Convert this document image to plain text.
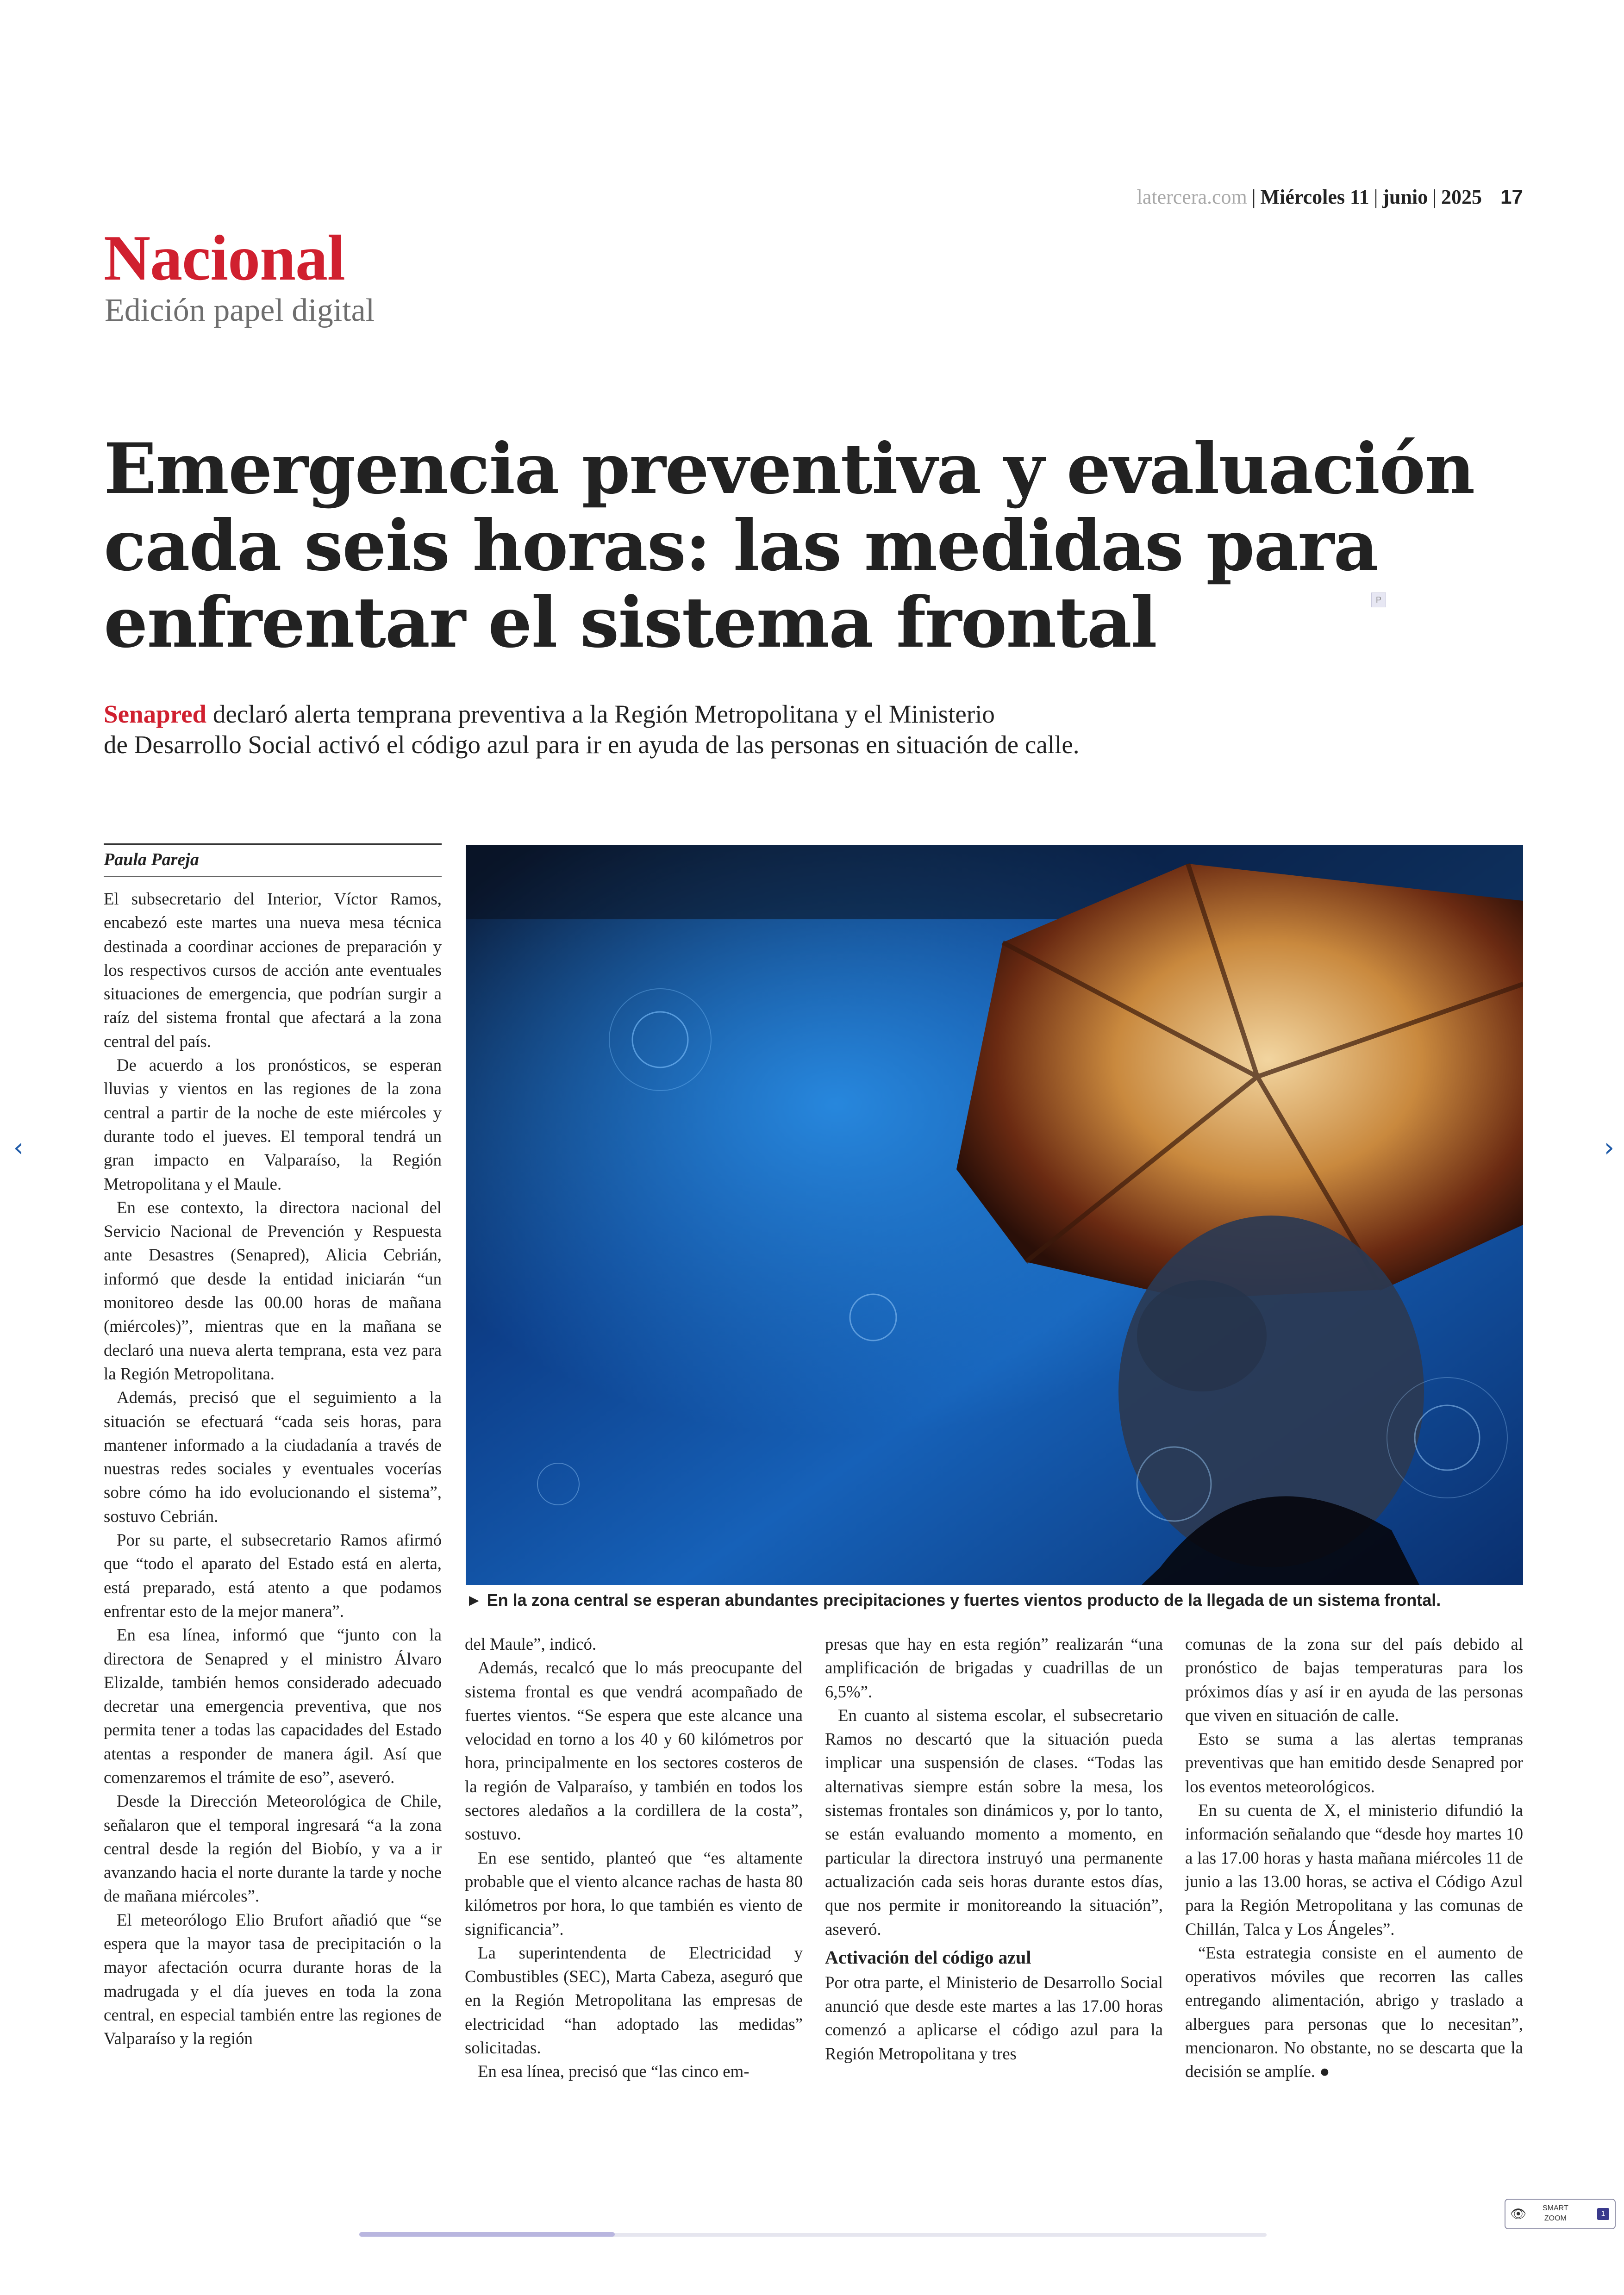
latercera.com | Miércoles 11 | junio | 2025 17
Nacional
Edición papel digital
Emergencia preventiva y evaluación
cada seis horas: las medidas para
enfrentar el sistema frontal	P
Senapred declaró alerta temprana preventiva a la Región Metropolitana y el Ministerio
de Desarrollo Social activó el código azul para ir en ayuda de las personas en situación de calle.
Paula Pareja

El subsecretario del Interior, Víctor Ramos, encabezó este martes una nueva mesa técnica destinada a coordinar acciones de preparación y los respectivos cursos de acción ante eventuales situaciones de emergencia, que podrían surgir a raíz del sistema frontal que afectará a la zona central del país.

De acuerdo a los pronósticos, se esperan lluvias y vientos en las regiones de la zona central a partir de la noche de este miércoles y durante todo el jueves. El temporal tendrá un gran impacto en Valparaíso, la Región Metropolitana y el Maule.

En ese contexto, la directora nacional del Servicio Nacional de Prevención y Respuesta ante Desastres (Senapred), Alicia Cebrián, informó que desde la entidad iniciarán “un monitoreo desde las 00.00 horas de mañana (miércoles)”, mientras que en la mañana se declaró una nueva alerta temprana, esta vez para la Región Metropolitana.

Además, precisó que el seguimiento a la situación se efectuará “cada seis horas, para mantener informado a la ciudadanía a través de nuestras redes sociales y eventuales vocerías sobre cómo ha ido evolucionando el sistema”, sostuvo Cebrián.

Por su parte, el subsecretario Ramos afirmó que “todo el aparato del Estado está en alerta, está preparado, está atento a que podamos enfrentar esto de la mejor manera”.

En esa línea, informó que “junto con la directora de Senapred y el ministro Álvaro Elizalde, también hemos considerado adecuado decretar una emergencia preventiva, que nos permita tener a todas las capacidades del Estado atentas a responder de manera ágil. Así que comenzaremos el trámite de eso”, aseveró.

Desde la Dirección Meteorológica de Chile, señalaron que el temporal ingresará “a la zona central desde la región del Biobío, y va a ir avanzando hacia el norte durante la tarde y noche de mañana miércoles”.

El meteorólogo Elio Brufort añadió que “se espera que la mayor tasa de precipitación o la mayor afectación ocurra durante horas de la madrugada y el día jueves en toda la zona central, en especial también entre las regiones de Valparaíso y la región

► En la zona central se esperan abundantes precipitaciones y fuertes vientos producto de la llegada de un sistema frontal.

del Maule”, indicó.

Además, recalcó que lo más preocupante del sistema frontal es que vendrá acompañado de fuertes vientos. “Se espera que este alcance una velocidad en torno a los 40 y 60 kilómetros por hora, principalmente en los sectores costeros de la región de Valparaíso, y también en todos los sectores aledaños a la cordillera de la costa”, sostuvo.

En ese sentido, planteó que “es altamente probable que el viento alcance rachas de hasta 80 kilómetros por hora, lo que también es viento de significancia”.

La superintendenta de Electricidad y Combustibles (SEC), Marta Cabeza, aseguró que en la Región Metropolitana las empresas de electricidad “han adoptado las medidas” solicitadas.

En esa línea, precisó que “las cinco em-

presas que hay en esta región” realizarán “una amplificación de brigadas y cuadrillas de un 6,5%”.

En cuanto al sistema escolar, el subsecretario Ramos no descartó que la situación pueda implicar una suspensión de clases. “Todas las alternativas siempre están sobre la mesa, los sistemas frontales son dinámicos y, por lo tanto, se están evaluando momento a momento, en particular la directora instruyó una permanente actualización cada seis horas durante estos días, que nos permite ir monitoreando la situación”, aseveró.

Activación del código azul

Por otra parte, el Ministerio de Desarrollo Social anunció que desde este martes a las 17.00 horas comenzó a aplicarse el código azul para la Región Metropolitana y tres

comunas de la zona sur del país debido al pronóstico de bajas temperaturas para los próximos días y así ir en ayuda de las personas que viven en situación de calle.

Esto se suma a las alertas tempranas preventivas que han emitido desde Senapred por los eventos meteorológicos.

En su cuenta de X, el ministerio difundió la información señalando que “desde hoy martes 10 a las 17.00 horas y hasta mañana miércoles 11 de junio a las 13.00 horas, se activa el Código Azul para la Región Metropolitana y las comunas de Chillán, Talca y Los Ángeles”.

“Esta estrategia consiste en el aumento de operativos móviles que recorren las calles entregando alimentación, abrigo y traslado a albergues para personas que lo necesitan”, mencionaron. No obstante, no se descarta que la decisión se amplíe. ●

‹	›
👁 SMART
ZOOM
1
